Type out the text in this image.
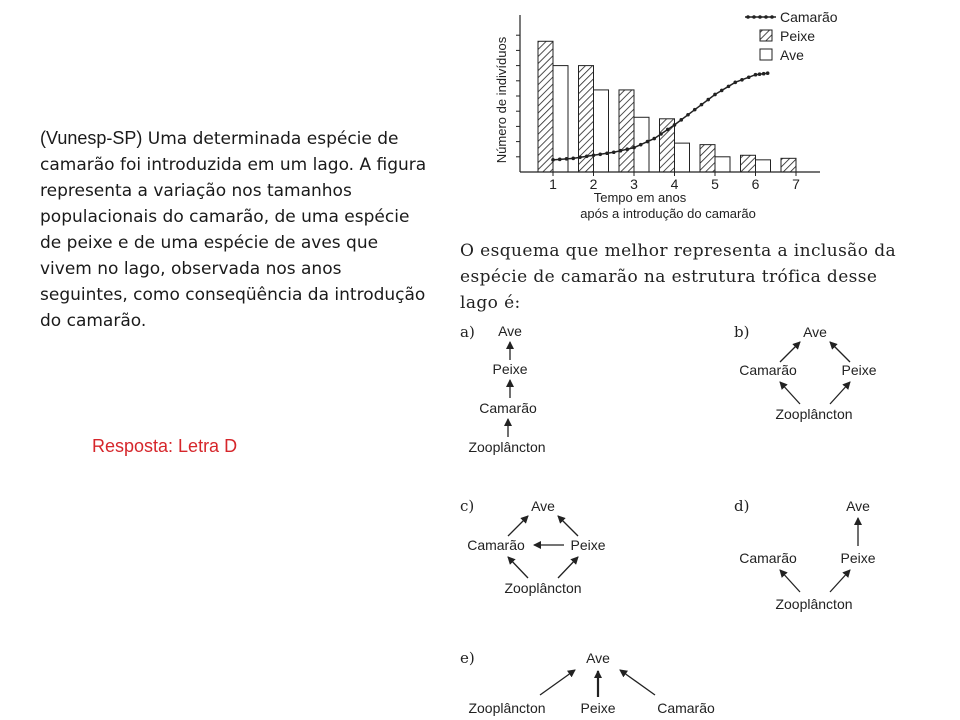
(Vunesp-SP) Uma determinada espécie de camarão foi introduzida em um lago. A figura representa a variação nos tamanhos populacionais do camarão, de uma espécie de peixe e de uma espécie de aves que vivem no lago, observada nos anos seguintes, como conseqüência da introdução do camarão.
Resposta: Letra D
O esquema que melhor representa a inclusão da espécie de camarão na estrutura trófica desse lago é:
1 2 3 4 5 6 7
Número de indivíduos
Tempo em anos
após a introdução do camarão
Camarão
Peixe
Ave
a) Ave
Peixe
Camarão
Zooplâncton
b)	Ave
Camarão	Peixe
Zooplâncton
c)	Ave
Camarão	Peixe
Zooplâncton
d)	Ave
Camarão	Peixe
Zooplâncton
e)	Ave
Zooplâncton Peixe	Camarão
